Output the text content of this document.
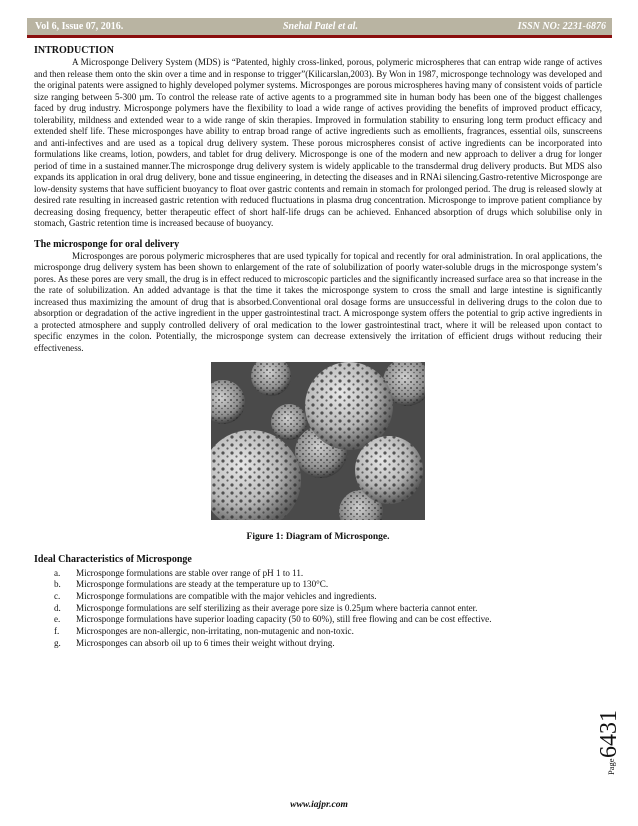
Vol 6, Issue 07, 2016.	Snehal Patel et al.	ISSN NO: 2231-6876
INTRODUCTION

A Microsponge Delivery System (MDS) is “Patented, highly cross-linked, porous, polymeric microspheres that can entrap wide range of actives and then release them onto the skin over a time and in response to trigger”(Kilicarslan,2003). By Won in 1987, microsponge technology was developed and the original patents were assigned to highly developed polymer systems. Microsponges are porous microspheres having many of consistent voids of particle size ranging between 5-300 µm. To control the release rate of active agents to a programmed site in human body has been one of the biggest challenges faced by drug industry. Microsponge polymers have the flexibility to load a wide range of actives providing the benefits of improved product efficacy, tolerability, mildness and extended wear to a wide range of skin therapies. Improved in formulation stability to ensuring long term product efficacy and extended shelf life. These microsponges have ability to entrap broad range of active ingredients such as emollients, fragrances, essential oils, sunscreens and anti-infectives and are used as a topical drug delivery system. These porous microspheres consist of active ingredients can be incorporated into formulations like creams, lotion, powders, and tablet for drug delivery. Microsponge is one of the modern and new approach to deliver a drug for longer period of time in a sustained manner.The microsponge drug delivery system is widely applicable to the transdermal drug delivery products. But MDS also expands its application in oral drug delivery, bone and tissue engineering, in detecting the diseases and in RNAi silencing.Gastro-retentive Microsponge are low-density systems that have sufficient buoyancy to float over gastric contents and remain in stomach for prolonged period. The drug is released slowly at desired rate resulting in increased gastric retention with reduced fluctuations in plasma drug concentration. Microsponge to improve patient compliance by decreasing dosing frequency, better therapeutic effect of short half-life drugs can be achieved. Enhanced absorption of drugs which solubilise only in stomach, Gastric retention time is increased because of buoyancy.

The microsponge for oral delivery

Microsponges are porous polymeric microspheres that are used typically for topical and recently for oral administration. In oral applications, the microsponge drug delivery system has been shown to enlargement of the rate of solubilization of poorly water-soluble drugs in the microsponge system’s pores. As these pores are very small, the drug is in effect reduced to microscopic particles and the significantly increased surface area so that increase in the the rate of solubilization. An added advantage is that the time it takes the microsponge system to cross the small and large intestine is significantly increased thus maximizing the amount of drug that is absorbed.Conventional oral dosage forms are unsuccessful in delivering drugs to the colon due to absorption or degradation of the active ingredient in the upper gastrointestinal tract. A microsponge system offers the potential to grip active ingredients in a protected atmosphere and supply controlled delivery of oral medication to the lower gastrointestinal tract, where it will be released upon contact to specific enzymes in the colon. Potentially, the microsponge system can decrease extensively the irritation of efficient drugs without reducing their effectiveness.

Figure 1: Diagram of Microsponge.
Ideal Characteristics of Microsponge
a.	Microsponge formulations are stable over range of pH 1 to 11.
b.	Microsponge formulations are steady at the temperature up to 130°C.
c.	Microsponge formulations are compatible with the major vehicles and ingredients.
d.	Microsponge formulations are self sterilizing as their average pore size is 0.25µm where bacteria cannot enter.
e.	Microsponge formulations have superior loading capacity (50 to 60%), still free flowing and can be cost effective.
f.	Microsponges are non-allergic, non-irritating, non-mutagenic and non-toxic.
g.	Microsponges can absorb oil up to 6 times their weight without drying.
Page
6431
www.iajpr.com
